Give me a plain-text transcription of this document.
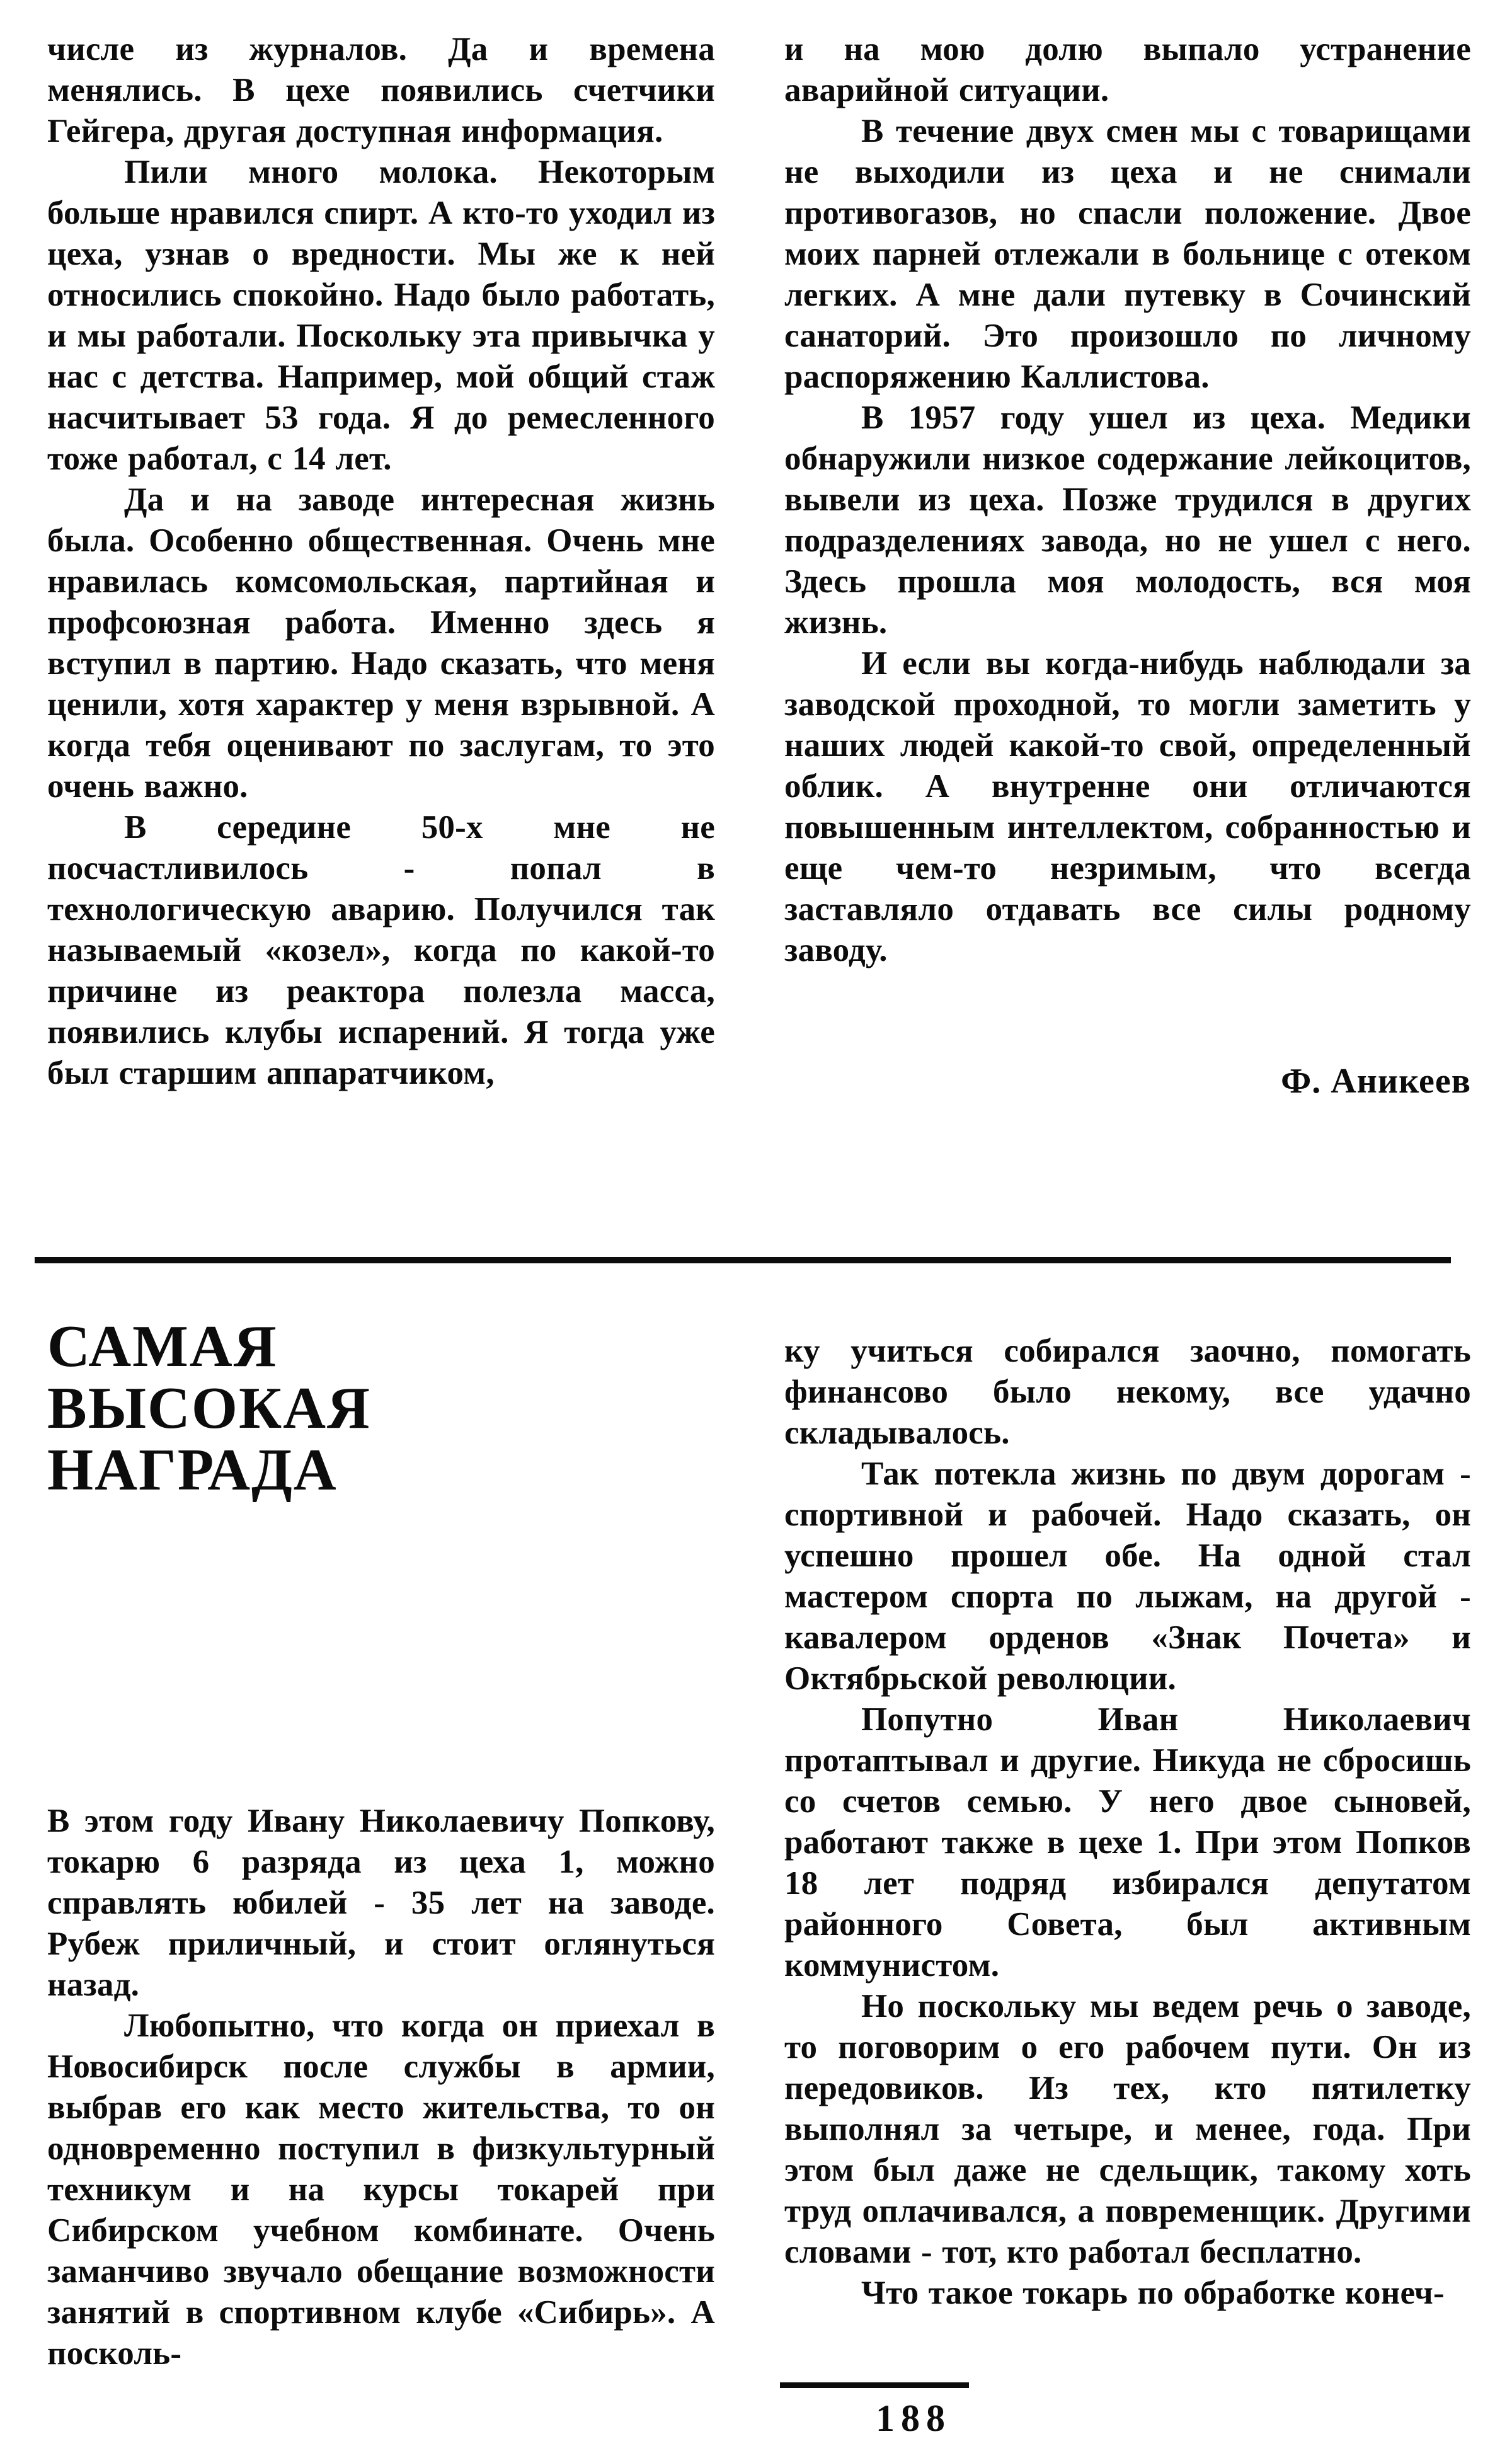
числе из журналов. Да и времена менялись. В цехе появились счетчики Гейгера, другая доступная информация.

Пили много молока. Некоторым больше нравился спирт. А кто-то уходил из цеха, узнав о вредности. Мы же к ней относились спокойно. Надо было работать, и мы работали. Поскольку эта привычка у нас с детства. Например, мой общий стаж насчитывает 53 года. Я до ремесленного тоже работал, с 14 лет.

Да и на заводе интересная жизнь была. Особенно общественная. Очень мне нравилась комсомольская, партийная и профсоюзная работа. Именно здесь я вступил в партию. Надо сказать, что меня ценили, хотя характер у меня взрывной. А когда тебя оценивают по заслугам, то это очень важно.

В середине 50-х мне не посчастливилось - попал в технологическую аварию. Получился так называемый «козел», когда по какой-то причине из реактора полезла масса, появились клубы испарений. Я тогда уже был старшим аппаратчиком,

и на мою долю выпало устранение аварийной ситуации.

В течение двух смен мы с товарищами не выходили из цеха и не снимали противогазов, но спасли положение. Двое моих парней отлежали в больнице с отеком легких. А мне дали путевку в Сочинский санаторий. Это произошло по личному распоряжению Каллистова.

В 1957 году ушел из цеха. Медики обнаружили низкое содержание лейкоцитов, вывели из цеха. Позже трудился в других подразделениях завода, но не ушел с него. Здесь прошла моя молодость, вся моя жизнь.

И если вы когда-нибудь наблюдали за заводской проходной, то могли заметить у наших людей какой-то свой, определенный облик. А внутренне они отличаются повышенным интеллектом, собранностью и еще чем-то незримым, что всегда заставляло отдавать все силы родному заводу.

Ф. Аникеев
САМАЯ
ВЫСОКАЯ
НАГРАДА

В этом году Ивану Николаевичу Попкову, токарю 6 разряда из цеха 1, можно справлять юбилей - 35 лет на заводе. Рубеж приличный, и стоит оглянуться назад.

Любопытно, что когда он приехал в Новосибирск после службы в армии, выбрав его как место жительства, то он одновременно поступил в физкультурный техникум и на курсы токарей при Сибирском учебном комбинате. Очень заманчиво звучало обещание возможности занятий в спортивном клубе «Сибирь». А посколь-

ку учиться собирался заочно, помогать финансово было некому, все удачно складывалось.

Так потекла жизнь по двум дорогам - спортивной и рабочей. Надо сказать, он успешно прошел обе. На одной стал мастером спорта по лыжам, на другой - кавалером орденов «Знак Почета» и Октябрьской революции.

Попутно Иван Николаевич протаптывал и другие. Никуда не сбросишь со счетов семью. У него двое сыновей, работают также в цехе 1. При этом Попков 18 лет подряд избирался депутатом районного Совета, был активным коммунистом.

Но поскольку мы ведем речь о заводе, то поговорим о его рабочем пути. Он из передовиков. Из тех, кто пятилетку выполнял за четыре, и менее, года. При этом был даже не сдельщик, такому хоть труд оплачивался, а повременщик. Другими словами - тот, кто работал бесплатно.

Что такое токарь по обработке конеч-

188
